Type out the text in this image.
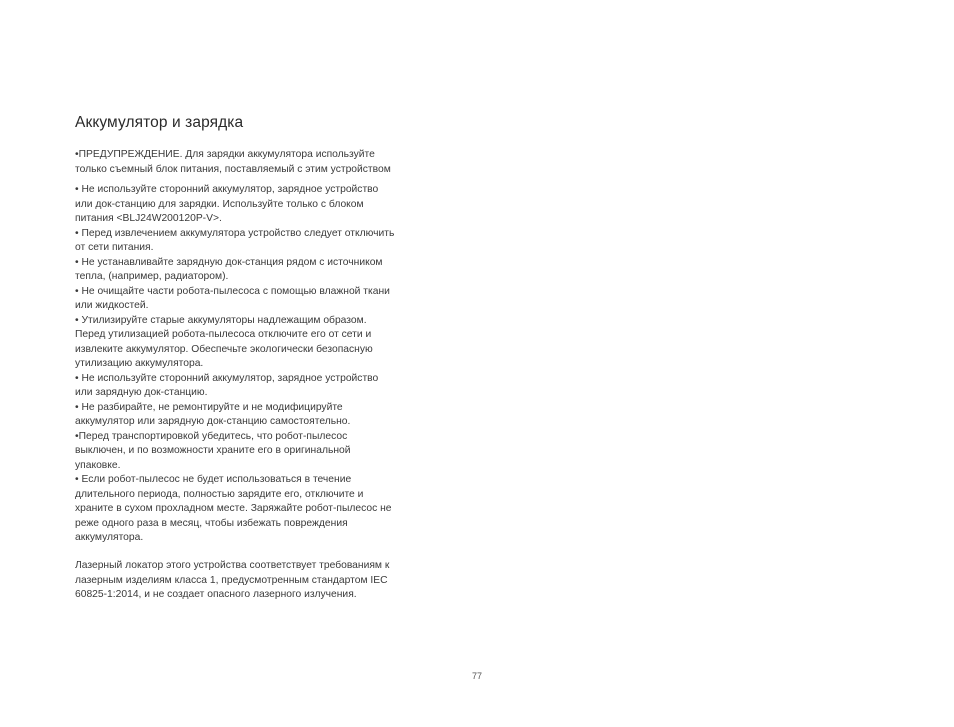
Аккумулятор и зарядка
•ПРЕДУПРЕЖДЕНИЕ. Для зарядки аккумулятора используйте
только съемный блок питания, поставляемый с этим устройством
• Не используйте сторонний аккумулятор, зарядное устройство
или док-станцию для зарядки. Используйте только с блоком
питания <BLJ24W200120P-V>.
• Перед извлечением аккумулятора устройство следует отключить
от сети питания.
• Не устанавливайте зарядную док-станция рядом с источником
тепла, (например, радиатором).
• Не очищайте части робота-пылесоса с помощью влажной ткани
или жидкостей.
• Утилизируйте старые аккумуляторы надлежащим образом.
Перед утилизацией робота-пылесоса отключите его от сети и
извлеките аккумулятор. Обеспечьте экологически безопасную
утилизацию аккумулятора.
• Не используйте сторонний аккумулятор, зарядное устройство
или зарядную док-станцию.
• Не разбирайте, не ремонтируйте и не модифицируйте
аккумулятор или зарядную док-станцию самостоятельно.
•Перед транспортировкой убедитесь, что робот-пылесос
выключен, и по возможности храните его в оригинальной
упаковке.
• Если робот-пылесос не будет использоваться в течение
длительного периода, полностью зарядите его, отключите и
храните в сухом прохладном месте. Заряжайте робот-пылесос не
реже одного раза в месяц, чтобы избежать повреждения
аккумулятора.
Лазерный локатор этого устройства соответствует требованиям к
лазерным изделиям класса 1, предусмотренным стандартом IEC
60825-1:2014, и не создает опасного лазерного излучения.
77
